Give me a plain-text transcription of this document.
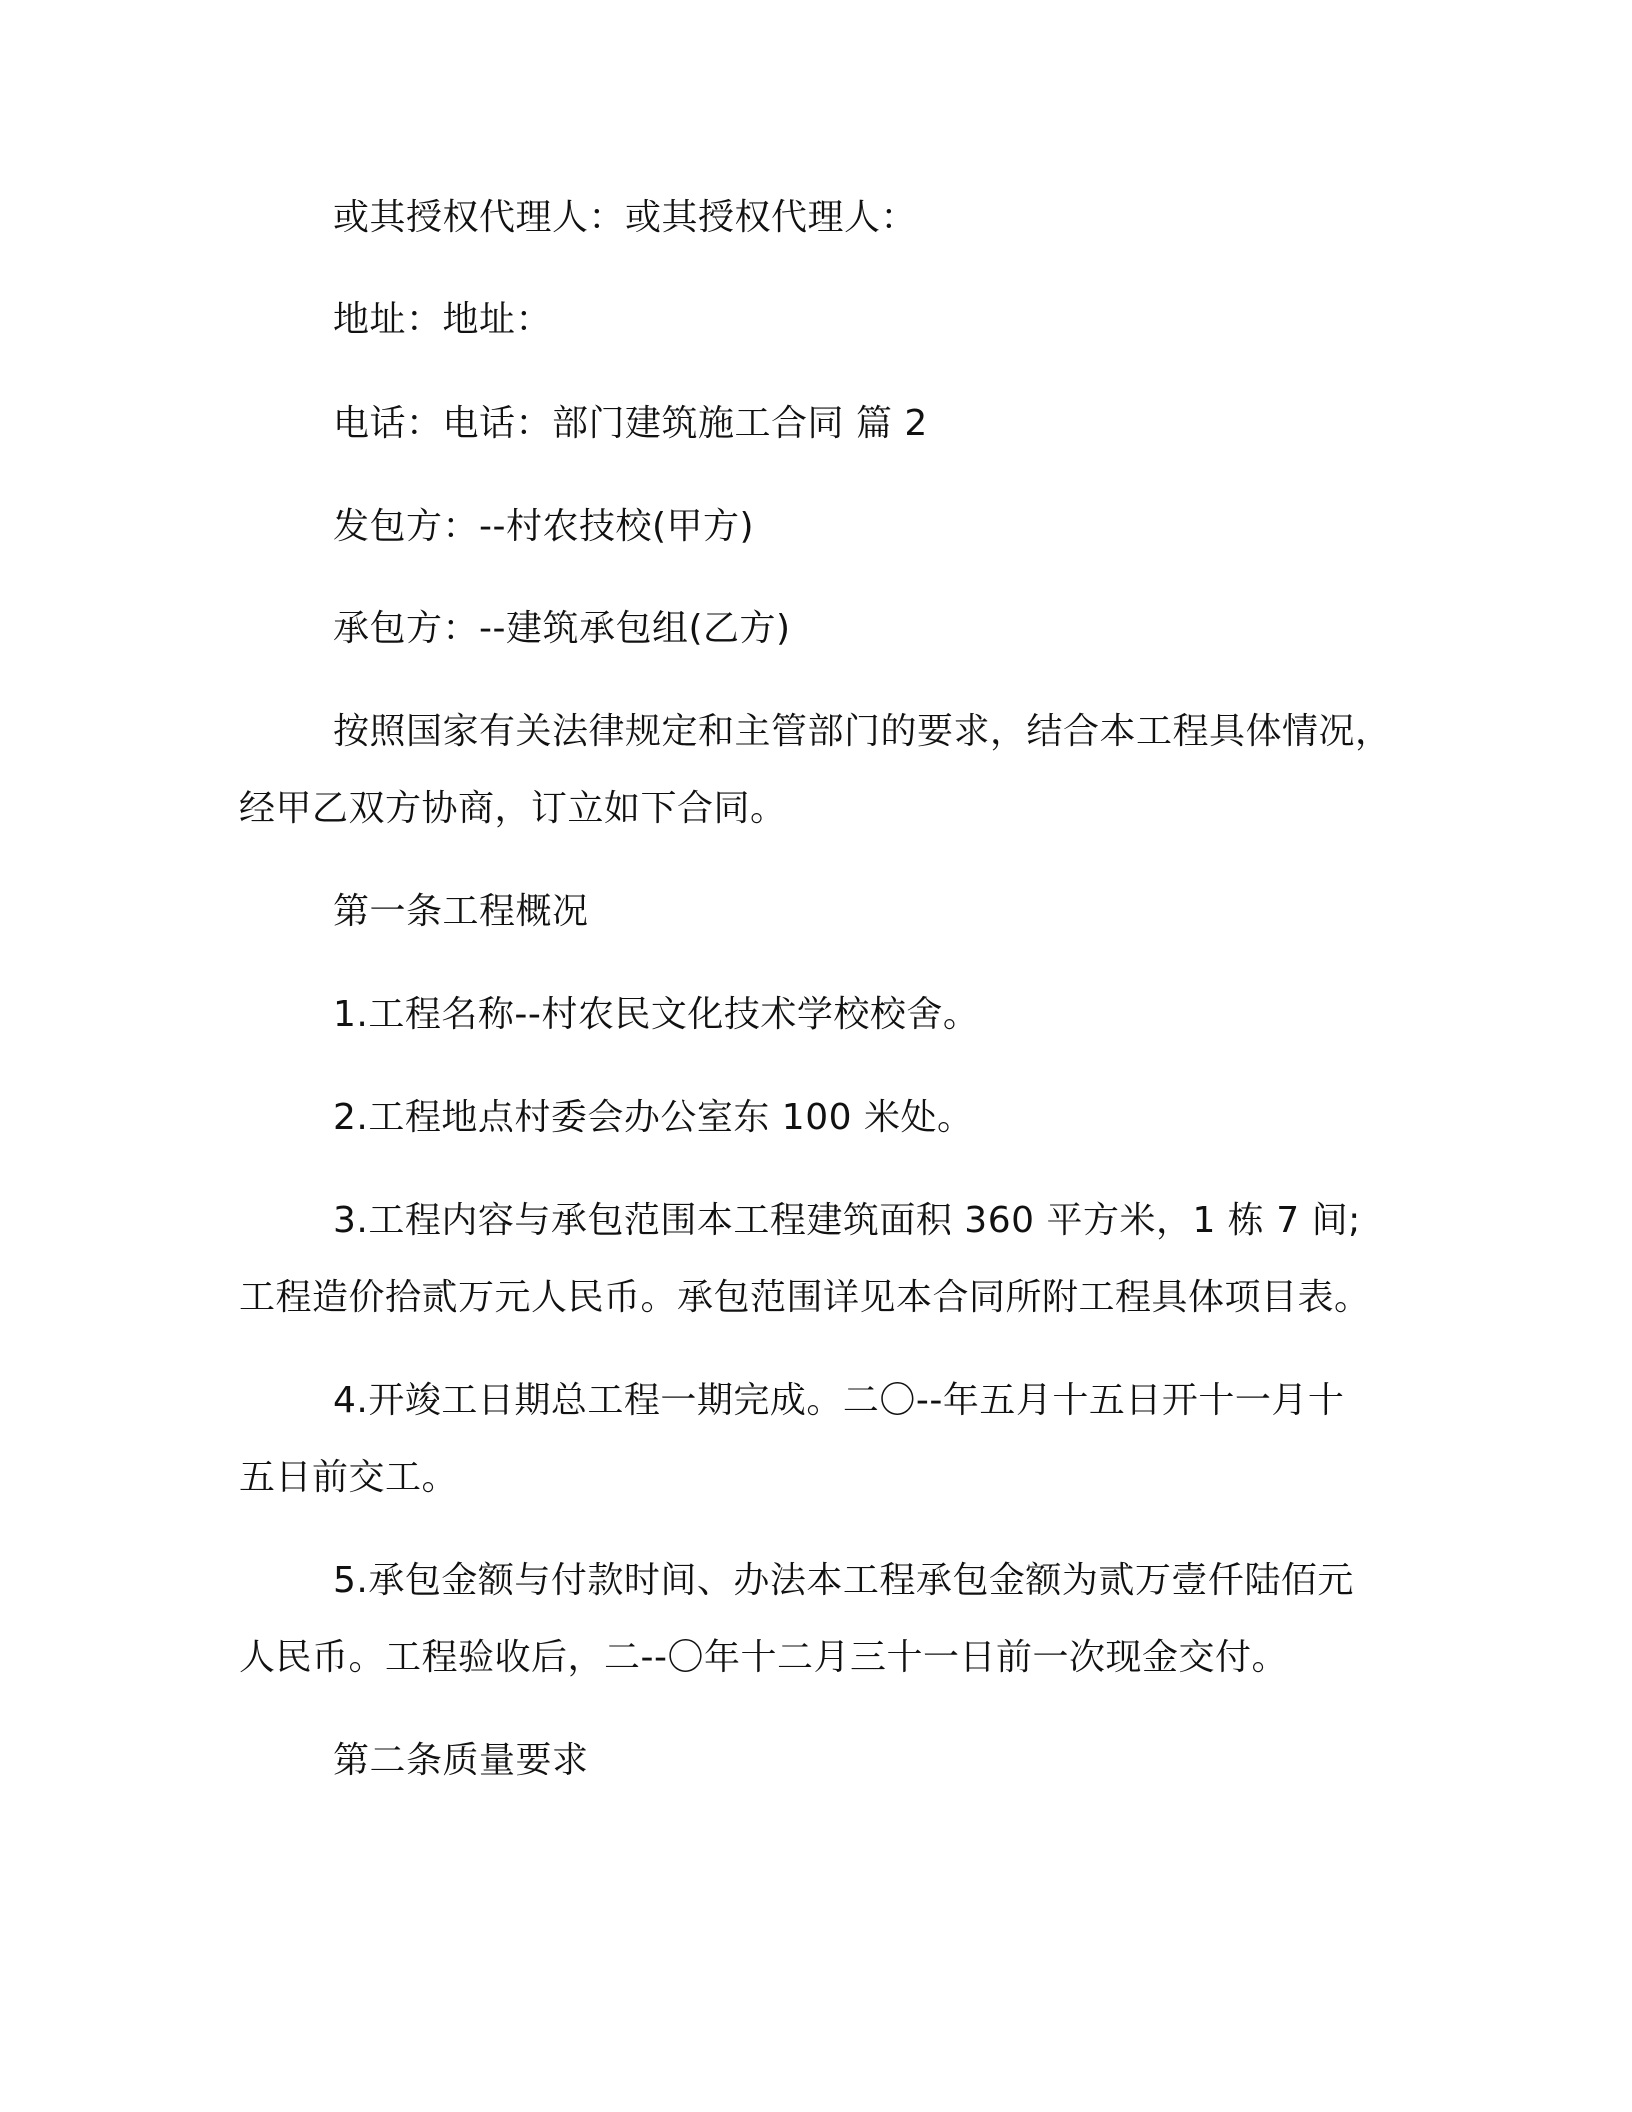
或其授权代理人：或其授权代理人：
地址：地址：
电话：电话：部门建筑施工合同 篇 2
发包方：--村农技校(甲方)
承包方：--建筑承包组(乙方)
按照国家有关法律规定和主管部门的要求，结合本工程具体情况，
经甲乙双方协商，订立如下合同。
第一条工程概况
1.工程名称--村农民文化技术学校校舍。
2.工程地点村委会办公室东 100 米处。
3.工程内容与承包范围本工程建筑面积 360 平方米，1 栋 7 间;
工程造价拾贰万元人民币。承包范围详见本合同所附工程具体项目表。
4.开竣工日期总工程一期完成。二〇--年五月十五日开十一月十
五日前交工。
5.承包金额与付款时间、办法本工程承包金额为贰万壹仟陆佰元
人民币。工程验收后，二--〇年十二月三十一日前一次现金交付。
第二条质量要求
